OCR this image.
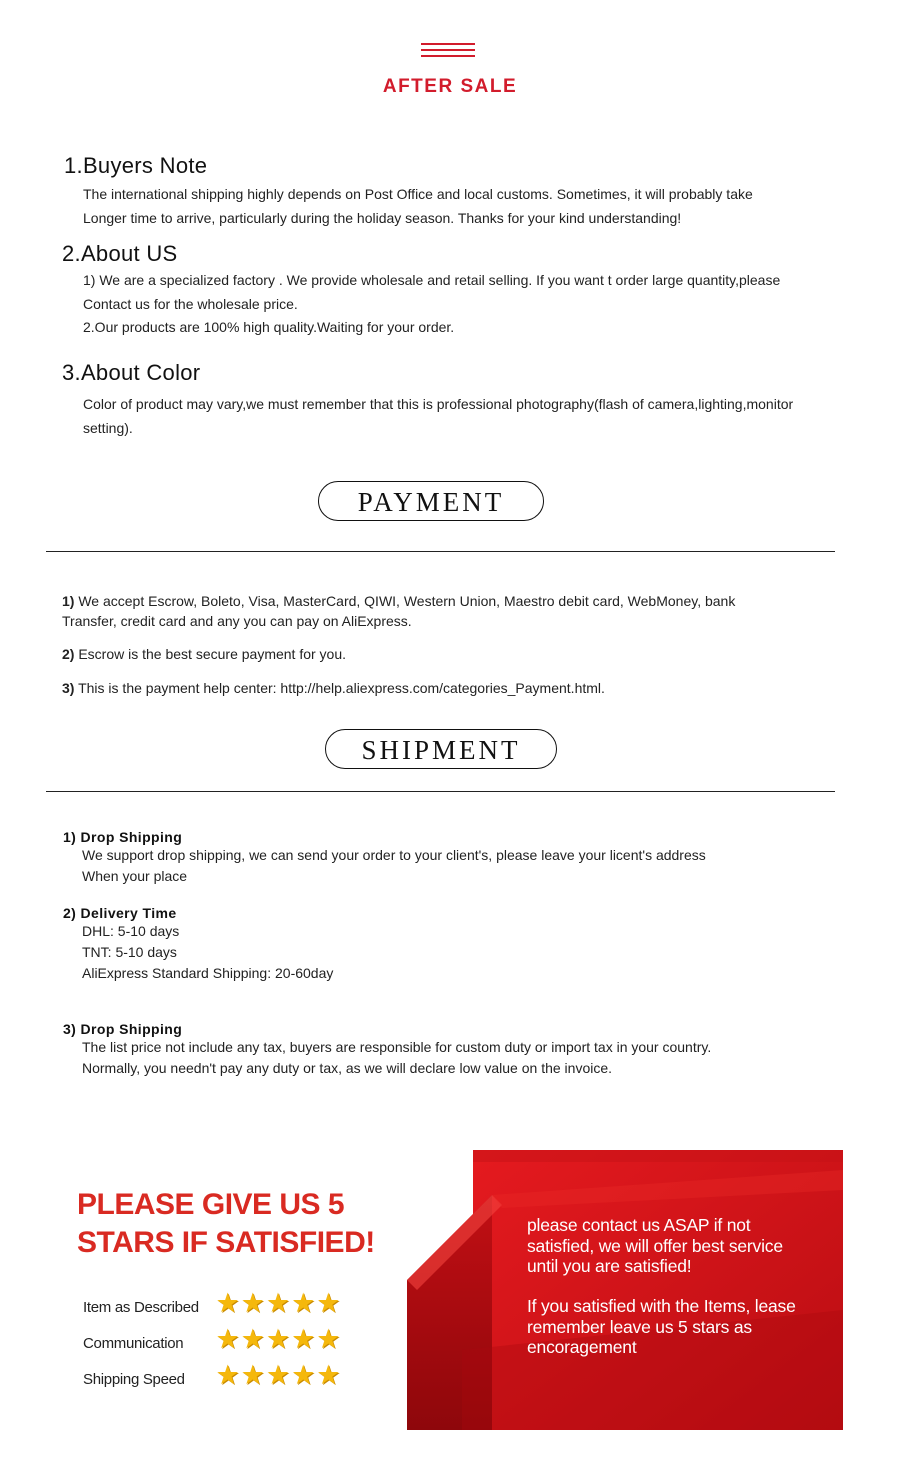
AFTER SALE
1.Buyers Note
The international shipping highly depends on Post Office and local customs. Sometimes, it will probably take
Longer time to arrive, particularly during the holiday season. Thanks for your kind understanding!
2.About US
1) We are a specialized factory . We provide wholesale and retail selling. If you want t order large quantity,please
Contact us for the wholesale price.
2.Our products are 100% high quality.Waiting for your order.
3.About Color
Color of product may vary,we must remember that this is professional photography(flash of camera,lighting,monitor
setting).
PAYMENT
1) We accept Escrow, Boleto, Visa, MasterCard, QIWI, Western Union, Maestro debit card, WebMoney, bank
Transfer, credit card and any you can pay on AliExpress.
2) Escrow is the best secure payment for you.
3) This is the payment help center: http://help.aliexpress.com/categories_Payment.html.
SHIPMENT
1) Drop Shipping
We support drop shipping, we can send your order to your client's, please leave your licent's address
When your place
2) Delivery Time
DHL: 5-10 days
TNT: 5-10 days
AliExpress Standard Shipping: 20-60day
3) Drop Shipping
The list price not include any tax, buyers are responsible for custom duty or import tax in your country.
Normally, you needn't pay any duty or tax, as we will declare low value on the invoice.
PLEASE GIVE US 5
STARS IF SATISFIED!
Item as Described ★★★★★
Communication ★★★★★
Shipping Speed ★★★★★
please contact us ASAP if not
satisfied, we will offer best service
until you are satisfied!
If you satisfied with the Items, lease
remember leave us 5 stars as
encoragement
